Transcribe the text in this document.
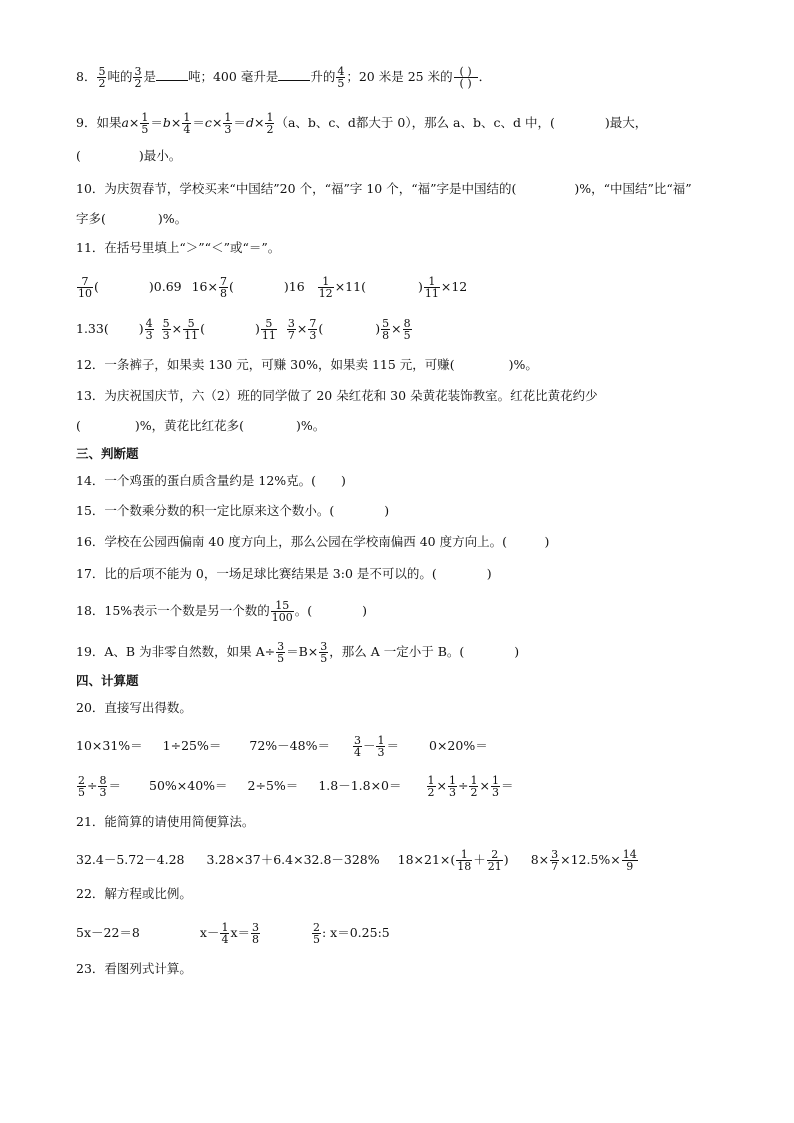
8． $\frac{5}{2}$ 吨的 $\frac{3}{2}$ 是	吨；400 毫升是	升的 $\frac{4}{5}$ ；20 米是 25 米的 ( )
( ) ．
9．如果$a\times \frac{1}{5} =b\times \frac{1}{4} =c\times \frac{1}{3} =d\times \frac{1}{2} (a$、b、c、d都大于 0），那么 a、b、c、d 中，(	)最大，
(	)最小。
10．为庆贺春节，学校买来“中国结”20 个，“福”字 10 个，“福”字是中国结的(	)%，“中国结”比“福”
字多(	)%。
11．在括号里填上“＞”“＜”或“＝”。
$\frac{7}{10}$ (	)0.69 $16\times \frac{7}{8}$ (	)$16 \frac{1}{12} \times 11$(	) $\frac{1}{11} \times 12$
1.33( ) $\frac{4}{3} \frac{5}{3} \times \frac{5}{11}$ (	) $\frac{5}{11} \frac{3}{7} \times \frac{7}{3}$ (	) $\frac{5}{8} \times \frac{8}{5}$
12．一条裤子，如果卖 130 元，可赚 30%，如果卖 115 元，可赚(	)%。
13．为庆祝国庆节，六（2）班的同学做了 20 朵红花和 30 朵黄花装饰教室。红花比黄花约少
(	)%，黄花比红花多(	)%。
三、判断题
14．一个鸡蛋的蛋白质含量约是 12%克。(　　)
15．一个数乘分数的积一定比原来这个数小。(　　　　)
16．学校在公园西偏南 40 度方向上，那么公园在学校南偏西 40 度方向上。(　　　)
17．比的后项不能为 0，一场足球比赛结果是 3:0 是不可以的。(　　　　)
18．15%表示一个数是另一个数的 $\frac{15}{100}$ 。(　　　　)
19．A、B 为非零自然数，如果 $A\div \frac{3}{5} =B\times \frac{3}{5}$ ，那么 A 一定小于 B。(　　　　)
四、计算题
20．直接写出得数。
$10\times 31\%= 1\div 25\%= 72\%-48\%= \frac{3}{4} - \frac{1}{3} = 0\times 20\%=$
$\frac{2}{5} \div \frac{8}{3} = 50\%\times 40\%= 2\div 5\%= 1.8-1.8\times 0= \frac{1}{2} \times \frac{1}{3} \div \frac{1}{2} \times \frac{1}{3}$ ＝
21．能简算的请使用简便算法。
32.4－5.72－4.28 3.28×37＋6.4×32.8－328% $18\times 21\times( \frac{1}{18} + \frac{2}{21}$ ) $8\times \frac{3}{7} \times 12.5\%\times \frac{14}{9}$
22．解方程或比例。
5x－22＝8	$x- \frac{1}{4} x= \frac{3}{8}$	$\frac{2}{5}$ : x＝0.25:5
23．看图列式计算。
